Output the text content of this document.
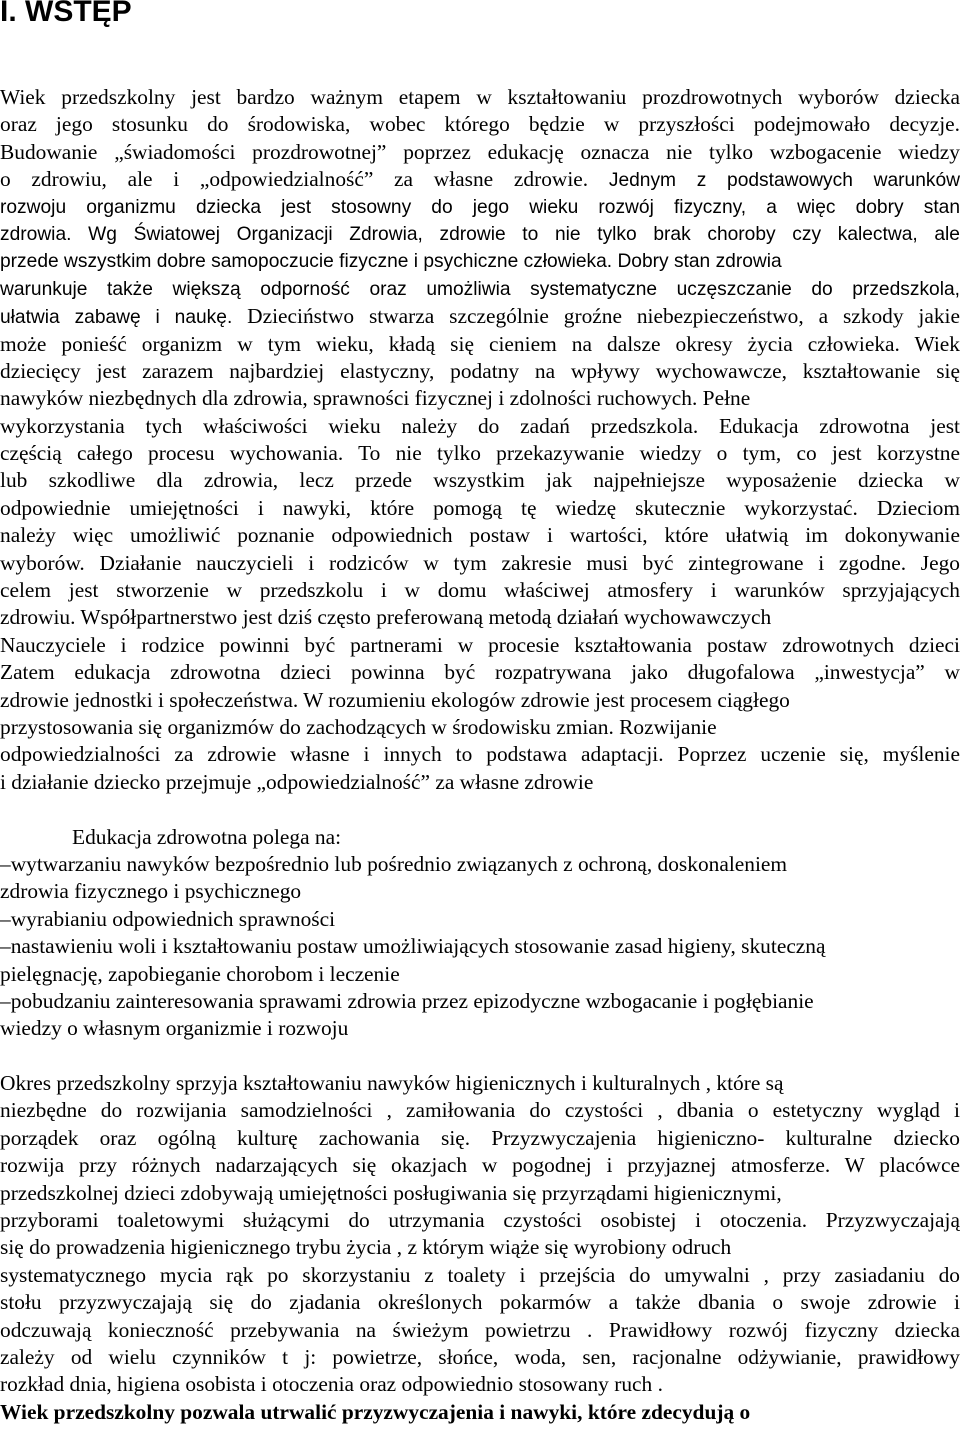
I. WSTĘP
Wiek przedszkolny jest bardzo ważnym etapem w kształtowaniu prozdrowotnych wyborów dziecka
oraz jego stosunku do środowiska, wobec którego będzie w przyszłości podejmowało decyzje.
Budowanie „świadomości prozdrowotnej” poprzez edukację oznacza nie tylko wzbogacenie wiedzy
o zdrowiu, ale i „odpowiedzialność” za własne zdrowie. Jednym z podstawowych warunków
rozwoju organizmu dziecka jest stosowny do jego wieku rozwój fizyczny, a więc dobry stan
zdrowia. Wg Światowej Organizacji Zdrowia, zdrowie to nie tylko brak choroby czy kalectwa, ale
przede wszystkim dobre samopoczucie fizyczne i psychiczne człowieka. Dobry stan zdrowia
warunkuje także większą odporność oraz umożliwia systematyczne uczęszczanie do przedszkola,
ułatwia zabawę i naukę. Dzieciństwo stwarza szczególnie groźne niebezpieczeństwo, a szkody jakie
może ponieść organizm w tym wieku, kładą się cieniem na dalsze okresy życia człowieka. Wiek
dziecięcy jest zarazem najbardziej elastyczny, podatny na wpływy wychowawcze, kształtowanie się
nawyków niezbędnych dla zdrowia, sprawności fizycznej i zdolności ruchowych. Pełne
wykorzystania tych właściwości wieku należy do zadań przedszkola. Edukacja zdrowotna jest
częścią całego procesu wychowania. To nie tylko przekazywanie wiedzy o tym, co jest korzystne
lub szkodliwe dla zdrowia, lecz przede wszystkim jak najpełniejsze wyposażenie dziecka w
odpowiednie umiejętności i nawyki, które pomogą tę wiedzę skutecznie wykorzystać. Dzieciom
należy więc umożliwić poznanie odpowiednich postaw i wartości, które ułatwią im dokonywanie
wyborów. Działanie nauczycieli i rodziców w tym zakresie musi być zintegrowane i zgodne. Jego
celem jest stworzenie w przedszkolu i w domu właściwej atmosfery i warunków sprzyjających
zdrowiu. Współpartnerstwo jest dziś często preferowaną metodą działań wychowawczych
Nauczyciele i rodzice powinni być partnerami w procesie kształtowania postaw zdrowotnych dzieci
Zatem edukacja zdrowotna dzieci powinna być rozpatrywana jako długofalowa „inwestycja” w
zdrowie jednostki i społeczeństwa. W rozumieniu ekologów zdrowie jest procesem ciągłego
przystosowania się organizmów do zachodzących w środowisku zmian. Rozwijanie
odpowiedzialności za zdrowie własne i innych to podstawa adaptacji. Poprzez uczenie się, myślenie
i działanie dziecko przejmuje „odpowiedzialność” za własne zdrowie
Edukacja zdrowotna polega na:
–wytwarzaniu nawyków bezpośrednio lub pośrednio związanych z ochroną, doskonaleniem
zdrowia fizycznego i psychicznego
–wyrabianiu odpowiednich sprawności
–nastawieniu woli i kształtowaniu postaw umożliwiających stosowanie zasad higieny, skuteczną
pielęgnację, zapobieganie chorobom i leczenie
–pobudzaniu zainteresowania sprawami zdrowia przez epizodyczne wzbogacanie i pogłębianie
wiedzy o własnym organizmie i rozwoju
Okres przedszkolny sprzyja kształtowaniu nawyków higienicznych i kulturalnych , które są
niezbędne do rozwijania samodzielności , zamiłowania do czystości , dbania o estetyczny wygląd i
porządek oraz ogólną kulturę zachowania się. Przyzwyczajenia higieniczno- kulturalne dziecko
rozwija przy różnych nadarzających się okazjach w pogodnej i przyjaznej atmosferze. W placówce
przedszkolnej dzieci zdobywają umiejętności posługiwania się przyrządami higienicznymi,
przyborami toaletowymi służącymi do utrzymania czystości osobistej i otoczenia. Przyzwyczajają
się do prowadzenia higienicznego trybu życia , z którym wiąże się wyrobiony odruch
systematycznego mycia rąk po skorzystaniu z toalety i przejścia do umywalni , przy zasiadaniu do
stołu przyzwyczajają się do zjadania określonych pokarmów a także dbania o swoje zdrowie i
odczuwają konieczność przebywania na świeżym powietrzu . Prawidłowy rozwój fizyczny dziecka
zależy od wielu czynników t j: powietrze, słońce, woda, sen, racjonalne odżywianie, prawidłowy
rozkład dnia, higiena osobista i otoczenia oraz odpowiednio stosowany ruch .
Wiek przedszkolny pozwala utrwalić przyzwyczajenia i nawyki, które zdecydują o
